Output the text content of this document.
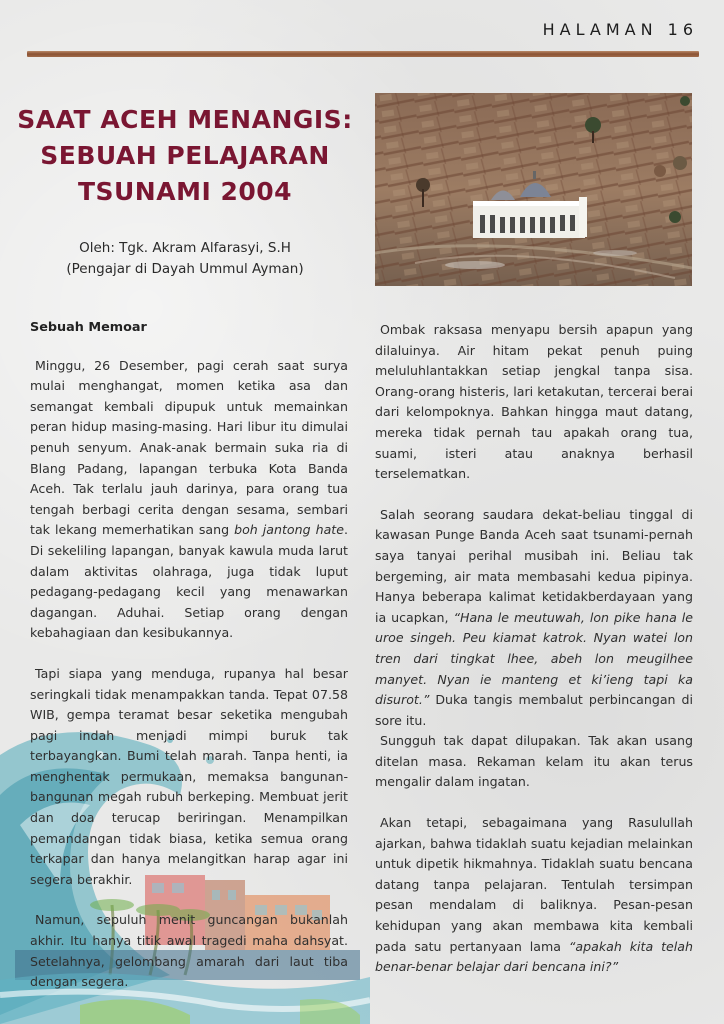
HALAMAN 16
SAAT ACEH MENANGIS:
SEBUAH PELAJARAN
TSUNAMI 2004
Oleh: Tgk. Akram Alfarasyi, S.H
(Pengajar di Dayah Ummul Ayman)

Sebuah Memoar

Minggu, 26 Desember, pagi cerah saat surya mulai menghangat, momen ketika asa dan semangat kembali dipupuk untuk memainkan peran hidup masing-masing. Hari libur itu dimulai penuh senyum. Anak-anak bermain suka ria di Blang Padang, lapangan terbuka Kota Banda Aceh. Tak terlalu jauh darinya, para orang tua tengah berbagi cerita dengan sesama, sembari tak lekang memerhatikan sang boh jantong hate. Di sekeliling lapangan, banyak kawula muda larut dalam aktivitas olahraga, juga tidak luput pedagang-pedagang kecil yang menawarkan dagangan. Aduhai. Setiap orang dengan kebahagiaan dan kesibukannya.

Tapi siapa yang menduga, rupanya hal besar seringkali tidak menampakkan tanda. Tepat 07.58 WIB, gempa teramat besar seketika mengubah pagi indah menjadi mimpi buruk tak terbayangkan. Bumi telah marah. Tanpa henti, ia menghentak permukaan, memaksa bangunan-bangunan megah rubuh berkeping. Membuat jerit dan doa terucap beriringan. Menampilkan pemandangan tidak biasa, ketika semua orang terkapar dan hanya melangitkan harap agar ini segera berakhir.

Namun, sepuluh menit guncangan bukanlah akhir. Itu hanya titik awal tragedi maha dahsyat. Setelahnya, gelombang amarah dari laut tiba dengan segera.

Ombak raksasa menyapu bersih apapun yang dilaluinya. Air hitam pekat penuh puing meluluhlantakkan setiap jengkal tanpa sisa. Orang-orang histeris, lari ketakutan, tercerai berai dari kelompoknya. Bahkan hingga maut datang, mereka tidak pernah tau apakah orang tua, suami, isteri atau anaknya berhasil terselematkan.

Salah seorang saudara dekat-beliau tinggal di kawasan Punge Banda Aceh saat tsunami-pernah saya tanyai perihal musibah ini. Beliau tak bergeming, air mata membasahi kedua pipinya. Hanya beberapa kalimat ketidakberdayaan yang ia ucapkan, “Hana le meutuwah, lon pike hana le uroe singeh. Peu kiamat katrok. Nyan watei lon tren dari tingkat lhee, abeh lon meugilhee manyet. Nyan ie manteng et ki’ieng tapi ka disurot.” Duka tangis membalut perbincangan di sore itu.

Sungguh tak dapat dilupakan. Tak akan usang ditelan masa. Rekaman kelam itu akan terus mengalir dalam ingatan.

Akan tetapi, sebagaimana yang Rasulullah ajarkan, bahwa tidaklah suatu kejadian melainkan untuk dipetik hikmahnya. Tidaklah suatu bencana datang tanpa pelajaran. Tentulah tersimpan pesan mendalam di baliknya. Pesan-pesan kehidupan yang akan membawa kita kembali pada satu pertanyaan lama “apakah kita telah benar-benar belajar dari bencana ini?”
